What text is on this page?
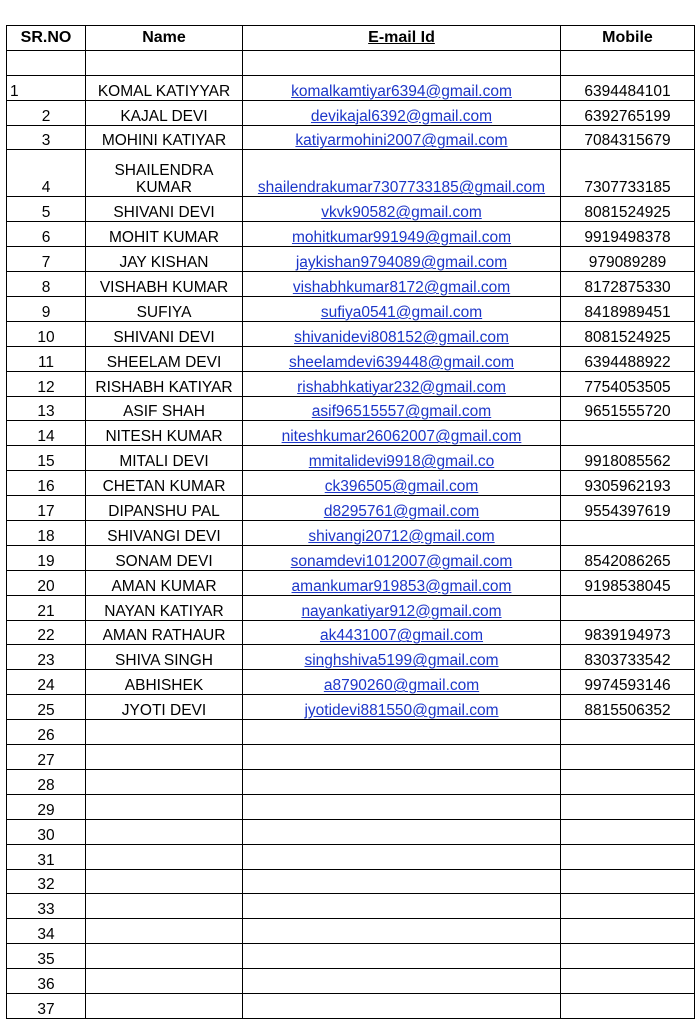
SR.NO	Name	E-mail Id	Mobile

1	KOMAL KATIYYAR	komalkamtiyar6394@gmail.com	6394484101
2	KAJAL DEVI	devikajal6392@gmail.com	6392765199
3	MOHINI KATIYAR	katiyarmohini2007@gmail.com	7084315679
4	SHAILENDRA KUMAR	shailendrakumar7307733185@gmail.com	7307733185
5	SHIVANI DEVI	vkvk90582@gmail.com	8081524925
6	MOHIT KUMAR	mohitkumar991949@gmail.com	9919498378
7	JAY KISHAN	jaykishan9794089@gmail.com	979089289
8	VISHABH KUMAR	vishabhkumar8172@gmail.com	8172875330
9	SUFIYA	sufiya0541@gmail.com	8418989451
10	SHIVANI DEVI	shivanidevi808152@gmail.com	8081524925
11	SHEELAM DEVI	sheelamdevi639448@gmail.com	6394488922
12	RISHABH KATIYAR	rishabhkatiyar232@gmail.com	7754053505
13	ASIF SHAH	asif96515557@gmail.com	9651555720
14	NITESH KUMAR	niteshkumar26062007@gmail.com	
15	MITALI DEVI	mmitalidevi9918@gmail.co	9918085562
16	CHETAN KUMAR	ck396505@gmail.com	9305962193
17	DIPANSHU PAL	d8295761@gmail.com	9554397619
18	SHIVANGI DEVI	shivangi20712@gmail.com	
19	SONAM DEVI	sonamdevi1012007@gmail.com	8542086265
20	AMAN KUMAR	amankumar919853@gmail.com	9198538045
21	NAYAN KATIYAR	nayankatiyar912@gmail.com	
22	AMAN RATHAUR	ak4431007@gmail.com	9839194973
23	SHIVA SINGH	singhshiva5199@gmail.com	8303733542
24	ABHISHEK	a8790260@gmail.com	9974593146
25	JYOTI DEVI	jyotidevi881550@gmail.com	8815506352
26			
27			
28			
29			
30			
31			
32			
33			
34			
35			
36			
37			
